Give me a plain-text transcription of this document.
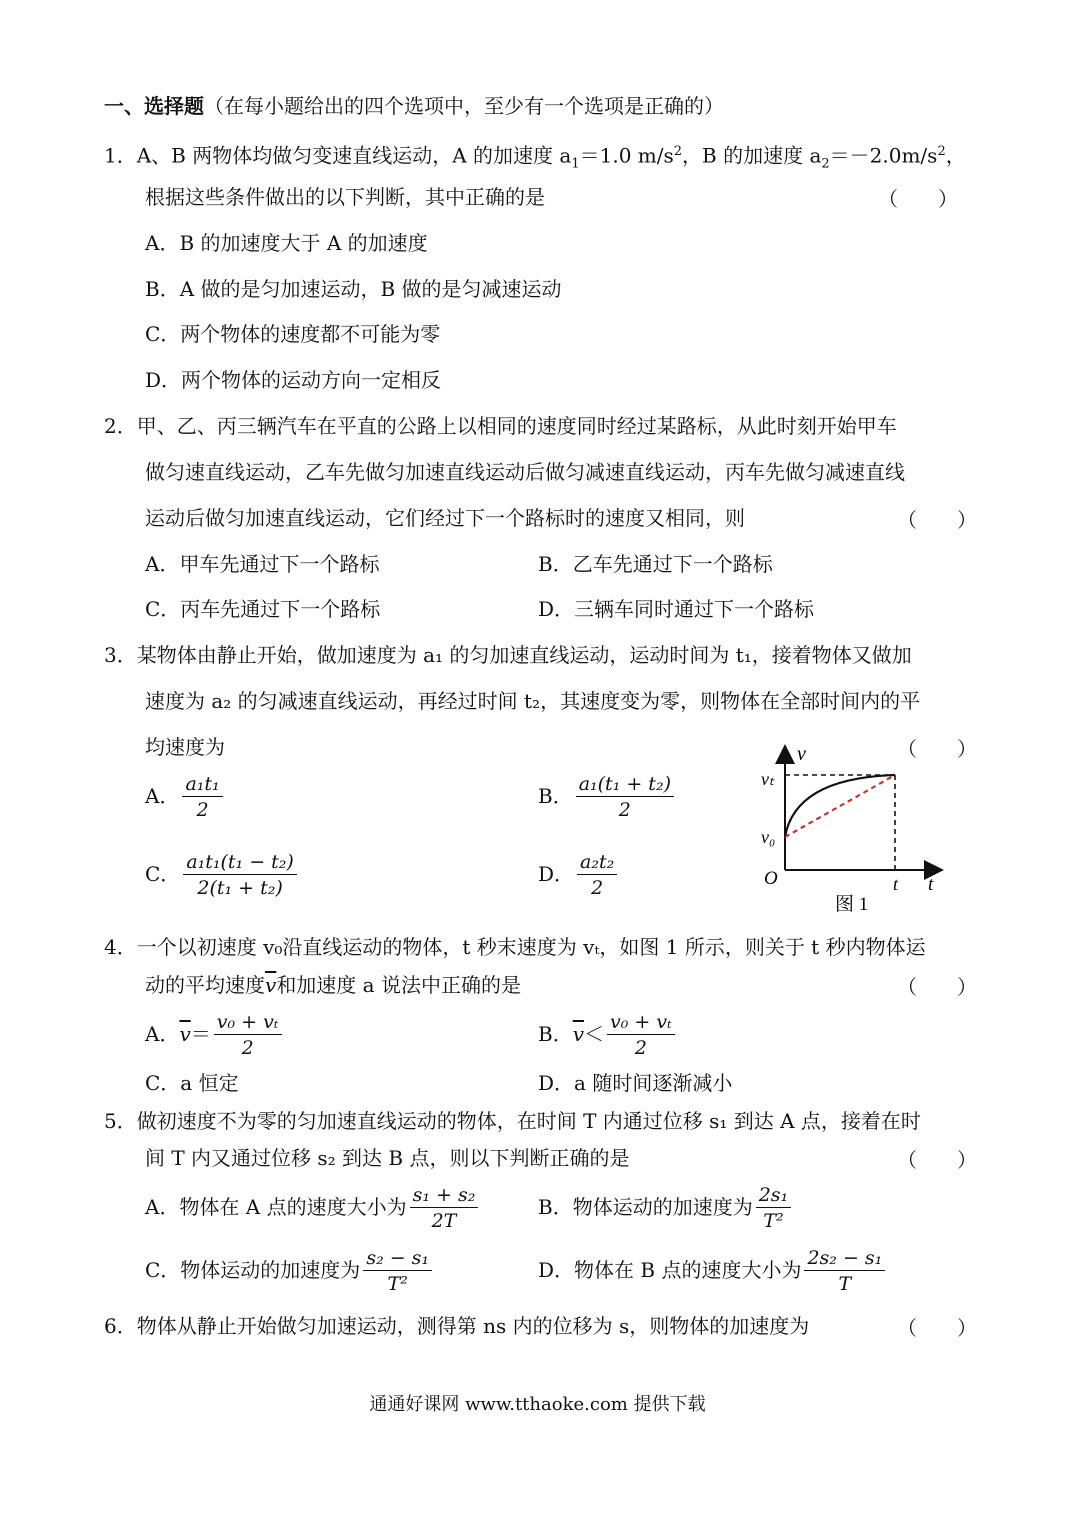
一、选择题（在每小题给出的四个选项中，至少有一个选项是正确的）
1．A、B 两物体均做匀变速直线运动，A 的加速度 $a_1=1.0$ $m/s^2$，B 的加速度 $a_2=-2.0m/s^2$，
根据这些条件做出的以下判断，其中正确的是	（　　）
A．B 的加速度大于 A 的加速度
B．A 做的是匀加速运动，B 做的是匀减速运动
C．两个物体的速度都不可能为零
D．两个物体的运动方向一定相反
2．甲、乙、丙三辆汽车在平直的公路上以相同的速度同时经过某路标，从此时刻开始甲车
做匀速直线运动，乙车先做匀加速直线运动后做匀减速直线运动，丙车先做匀减速直线
运动后做匀加速直线运动，它们经过下一个路标时的速度又相同，则	（　　）
A．甲车先通过下一个路标	B．乙车先通过下一个路标
C．丙车先通过下一个路标	D．三辆车同时通过下一个路标
3．某物体由静止开始，做加速度为 a₁ 的匀加速直线运动，运动时间为 t₁，接着物体又做加
速度为 a₂ 的匀减速直线运动，再经过时间 t₂，其速度变为零，则物体在全部时间内的平
均速度为	（　　）
A． $\frac{\text{a₁t₁}}{2}$	B． $\frac{\text{a₁(t₁ + t₂)}}{2}$
C． $\frac{\text{a₁t₁(t₁ − t₂)}}{\text{2(t₁ + t₂)}}$	D． $\frac{\text{a₂t₂}}{2}$
v
vₜ
v₀
O	t t
图 1
4．一个以初速度 v₀沿直线运动的物体，t 秒末速度为 vₜ，如图 1 所示，则关于 t 秒内物体运
动的平均速度$\overline{v}$和加速度 a 说法中正确的是	（　　）
A．$\overline{v}= \frac{\text{v₀ + vₜ}}{2}$	B．$\overline{v}< \frac{\text{v₀ + vₜ}}{2}$
C．a 恒定	D．a 随时间逐渐减小
5．做初速度不为零的匀加速直线运动的物体，在时间 T 内通过位移 s₁ 到达 A 点，接着在时
间 T 内又通过位移 s₂ 到达 B 点，则以下判断正确的是	（　　）
A．物体在 A 点的速度大小为 $\frac{\text{s₁ + s₂}}{2T}$	B．物体运动的加速度为 $\frac{\text{2s₁}}{\text{T²}}$
C．物体运动的加速度为 $\frac{\text{s₂ − s₁}}{\text{T²}}$	D．物体在 B 点的速度大小为 $\frac{\text{2s₂ − s₁}}{T}$
6．物体从静止开始做匀加速运动，测得第 ns 内的位移为 s，则物体的加速度为	（　　）
通通好课网 www.tthaoke.com 提供下载
